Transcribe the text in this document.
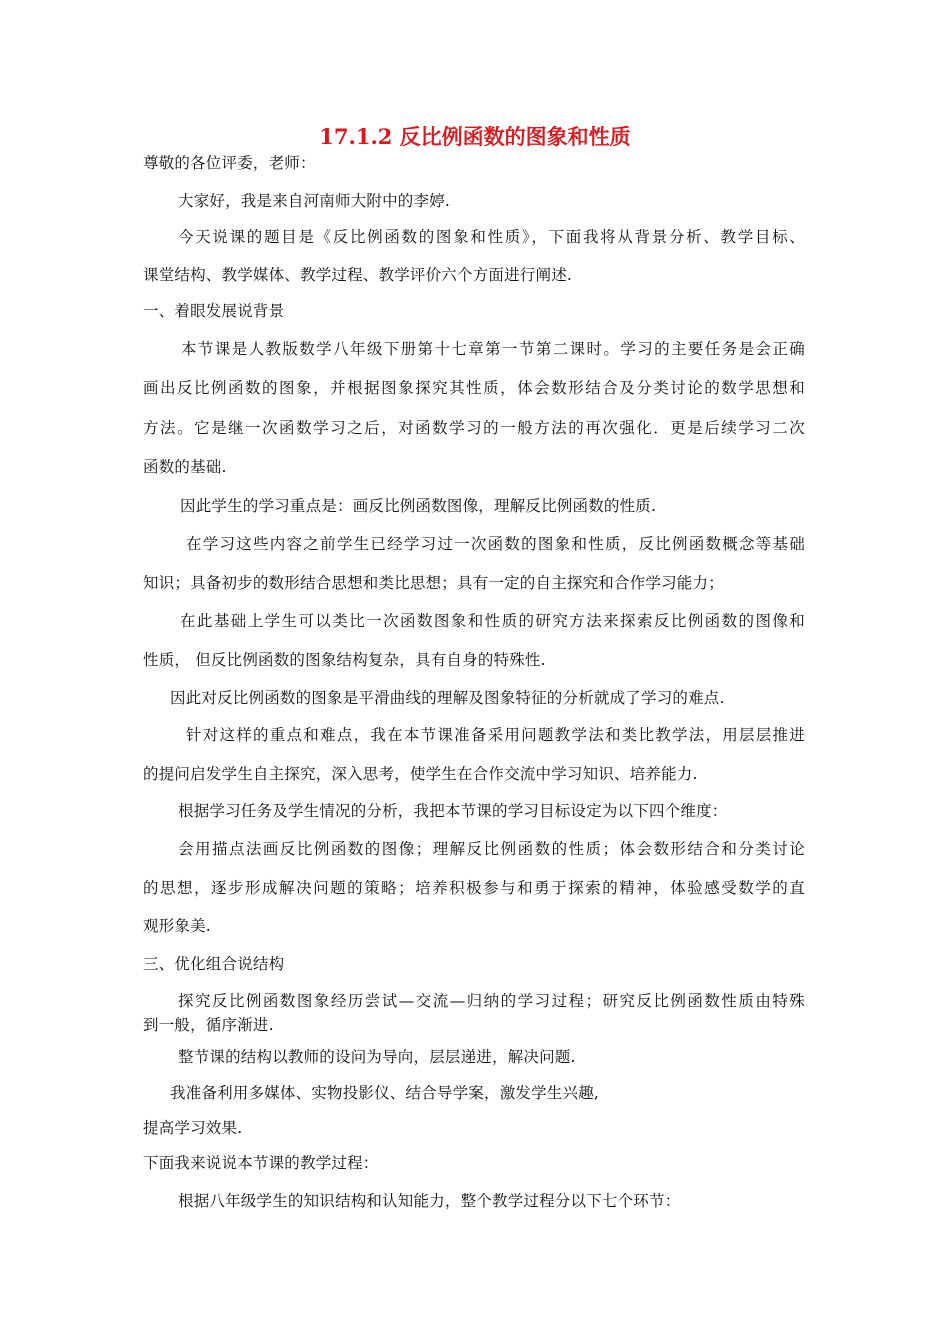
17.1.2 反比例函数的图象和性质
尊敬的各位评委，老师：
大家好，我是来自河南师大附中的李婷.
今天说课的题目是《反比例函数的图象和性质》，下面我将从背景分析、教学目标、
课堂结构、教学媒体、教学过程、教学评价六个方面进行阐述.
一、着眼发展说背景
本节课是人教版数学八年级下册第十七章第一节第二课时。学习的主要任务是会正确
画出反比例函数的图象，并根据图象探究其性质，体会数形结合及分类讨论的数学思想和
方法。它是继一次函数学习之后，对函数学习的一般方法的再次强化．更是后续学习二次
函数的基础.
因此学生的学习重点是：画反比例函数图像，理解反比例函数的性质.
在学习这些内容之前学生已经学习过一次函数的图象和性质，反比例函数概念等基础
知识；具备初步的数形结合思想和类比思想；具有一定的自主探究和合作学习能力；
在此基础上学生可以类比一次函数图象和性质的研究方法来探索反比例函数的图像和
性质， 但反比例函数的图象结构复杂，具有自身的特殊性.
因此对反比例函数的图象是平滑曲线的理解及图象特征的分析就成了学习的难点.
针对这样的重点和难点，我在本节课准备采用问题教学法和类比教学法，用层层推进
的提问启发学生自主探究，深入思考，使学生在合作交流中学习知识、培养能力.
根据学习任务及学生情况的分析，我把本节课的学习目标设定为以下四个维度：
会用描点法画反比例函数的图像；理解反比例函数的性质；体会数形结合和分类讨论
的思想，逐步形成解决问题的策略；培养积极参与和勇于探索的精神，体验感受数学的直
观形象美.
三、优化组合说结构
探究反比例函数图象经历尝试—交流—归纳的学习过程；研究反比例函数性质由特殊
到一般，循序渐进.
整节课的结构以教师的设问为导向，层层递进，解决问题.
我准备利用多媒体、实物投影仪、结合导学案，激发学生兴趣,
提高学习效果.
下面我来说说本节课的教学过程：
根据八年级学生的知识结构和认知能力，整个教学过程分以下七个环节：
